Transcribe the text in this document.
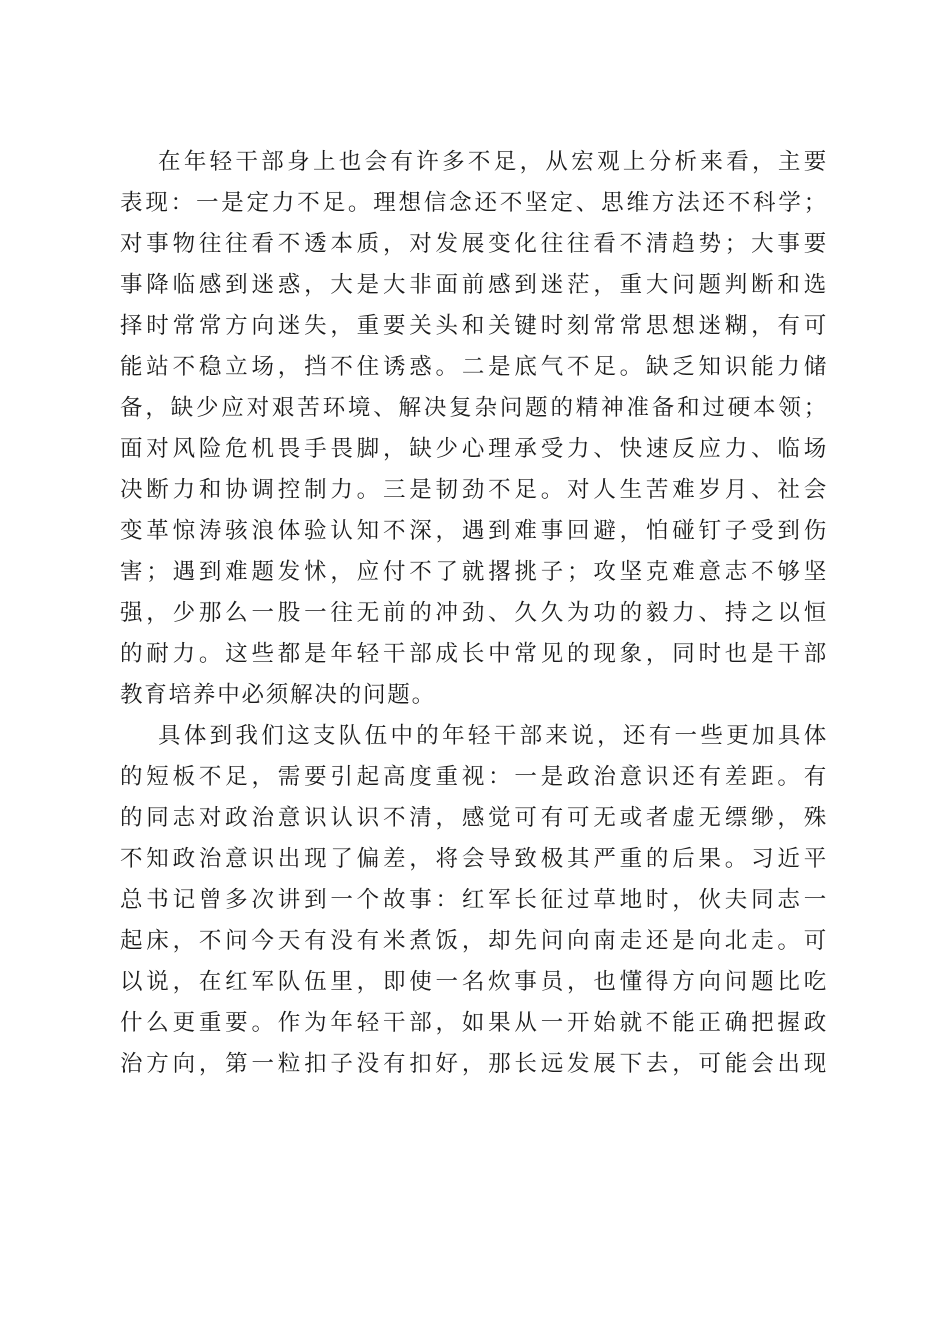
在年轻干部身上也会有许多不足，从宏观上分析来看，主要
表现：一是定力不足。理想信念还不坚定、思维方法还不科学；
对事物往往看不透本质，对发展变化往往看不清趋势；大事要
事降临感到迷惑，大是大非面前感到迷茫，重大问题判断和选
择时常常方向迷失，重要关头和关键时刻常常思想迷糊，有可
能站不稳立场，挡不住诱惑。二是底气不足。缺乏知识能力储
备，缺少应对艰苦环境、解决复杂问题的精神准备和过硬本领；
面对风险危机畏手畏脚，缺少心理承受力、快速反应力、临场
决断力和协调控制力。三是韧劲不足。对人生苦难岁月、社会
变革惊涛骇浪体验认知不深，遇到难事回避，怕碰钉子受到伤
害；遇到难题发怵，应付不了就撂挑子；攻坚克难意志不够坚
强，少那么一股一往无前的冲劲、久久为功的毅力、持之以恒
的耐力。这些都是年轻干部成长中常见的现象，同时也是干部
教育培养中必须解决的问题。

具体到我们这支队伍中的年轻干部来说，还有一些更加具体
的短板不足，需要引起高度重视：一是政治意识还有差距。有
的同志对政治意识认识不清，感觉可有可无或者虚无缥缈，殊
不知政治意识出现了偏差，将会导致极其严重的后果。习近平
总书记曾多次讲到一个故事：红军长征过草地时，伙夫同志一
起床，不问今天有没有米煮饭，却先问向南走还是向北走。可
以说，在红军队伍里，即使一名炊事员，也懂得方向问题比吃
什么更重要。作为年轻干部，如果从一开始就不能正确把握政
治方向，第一粒扣子没有扣好，那长远发展下去，可能会出现
